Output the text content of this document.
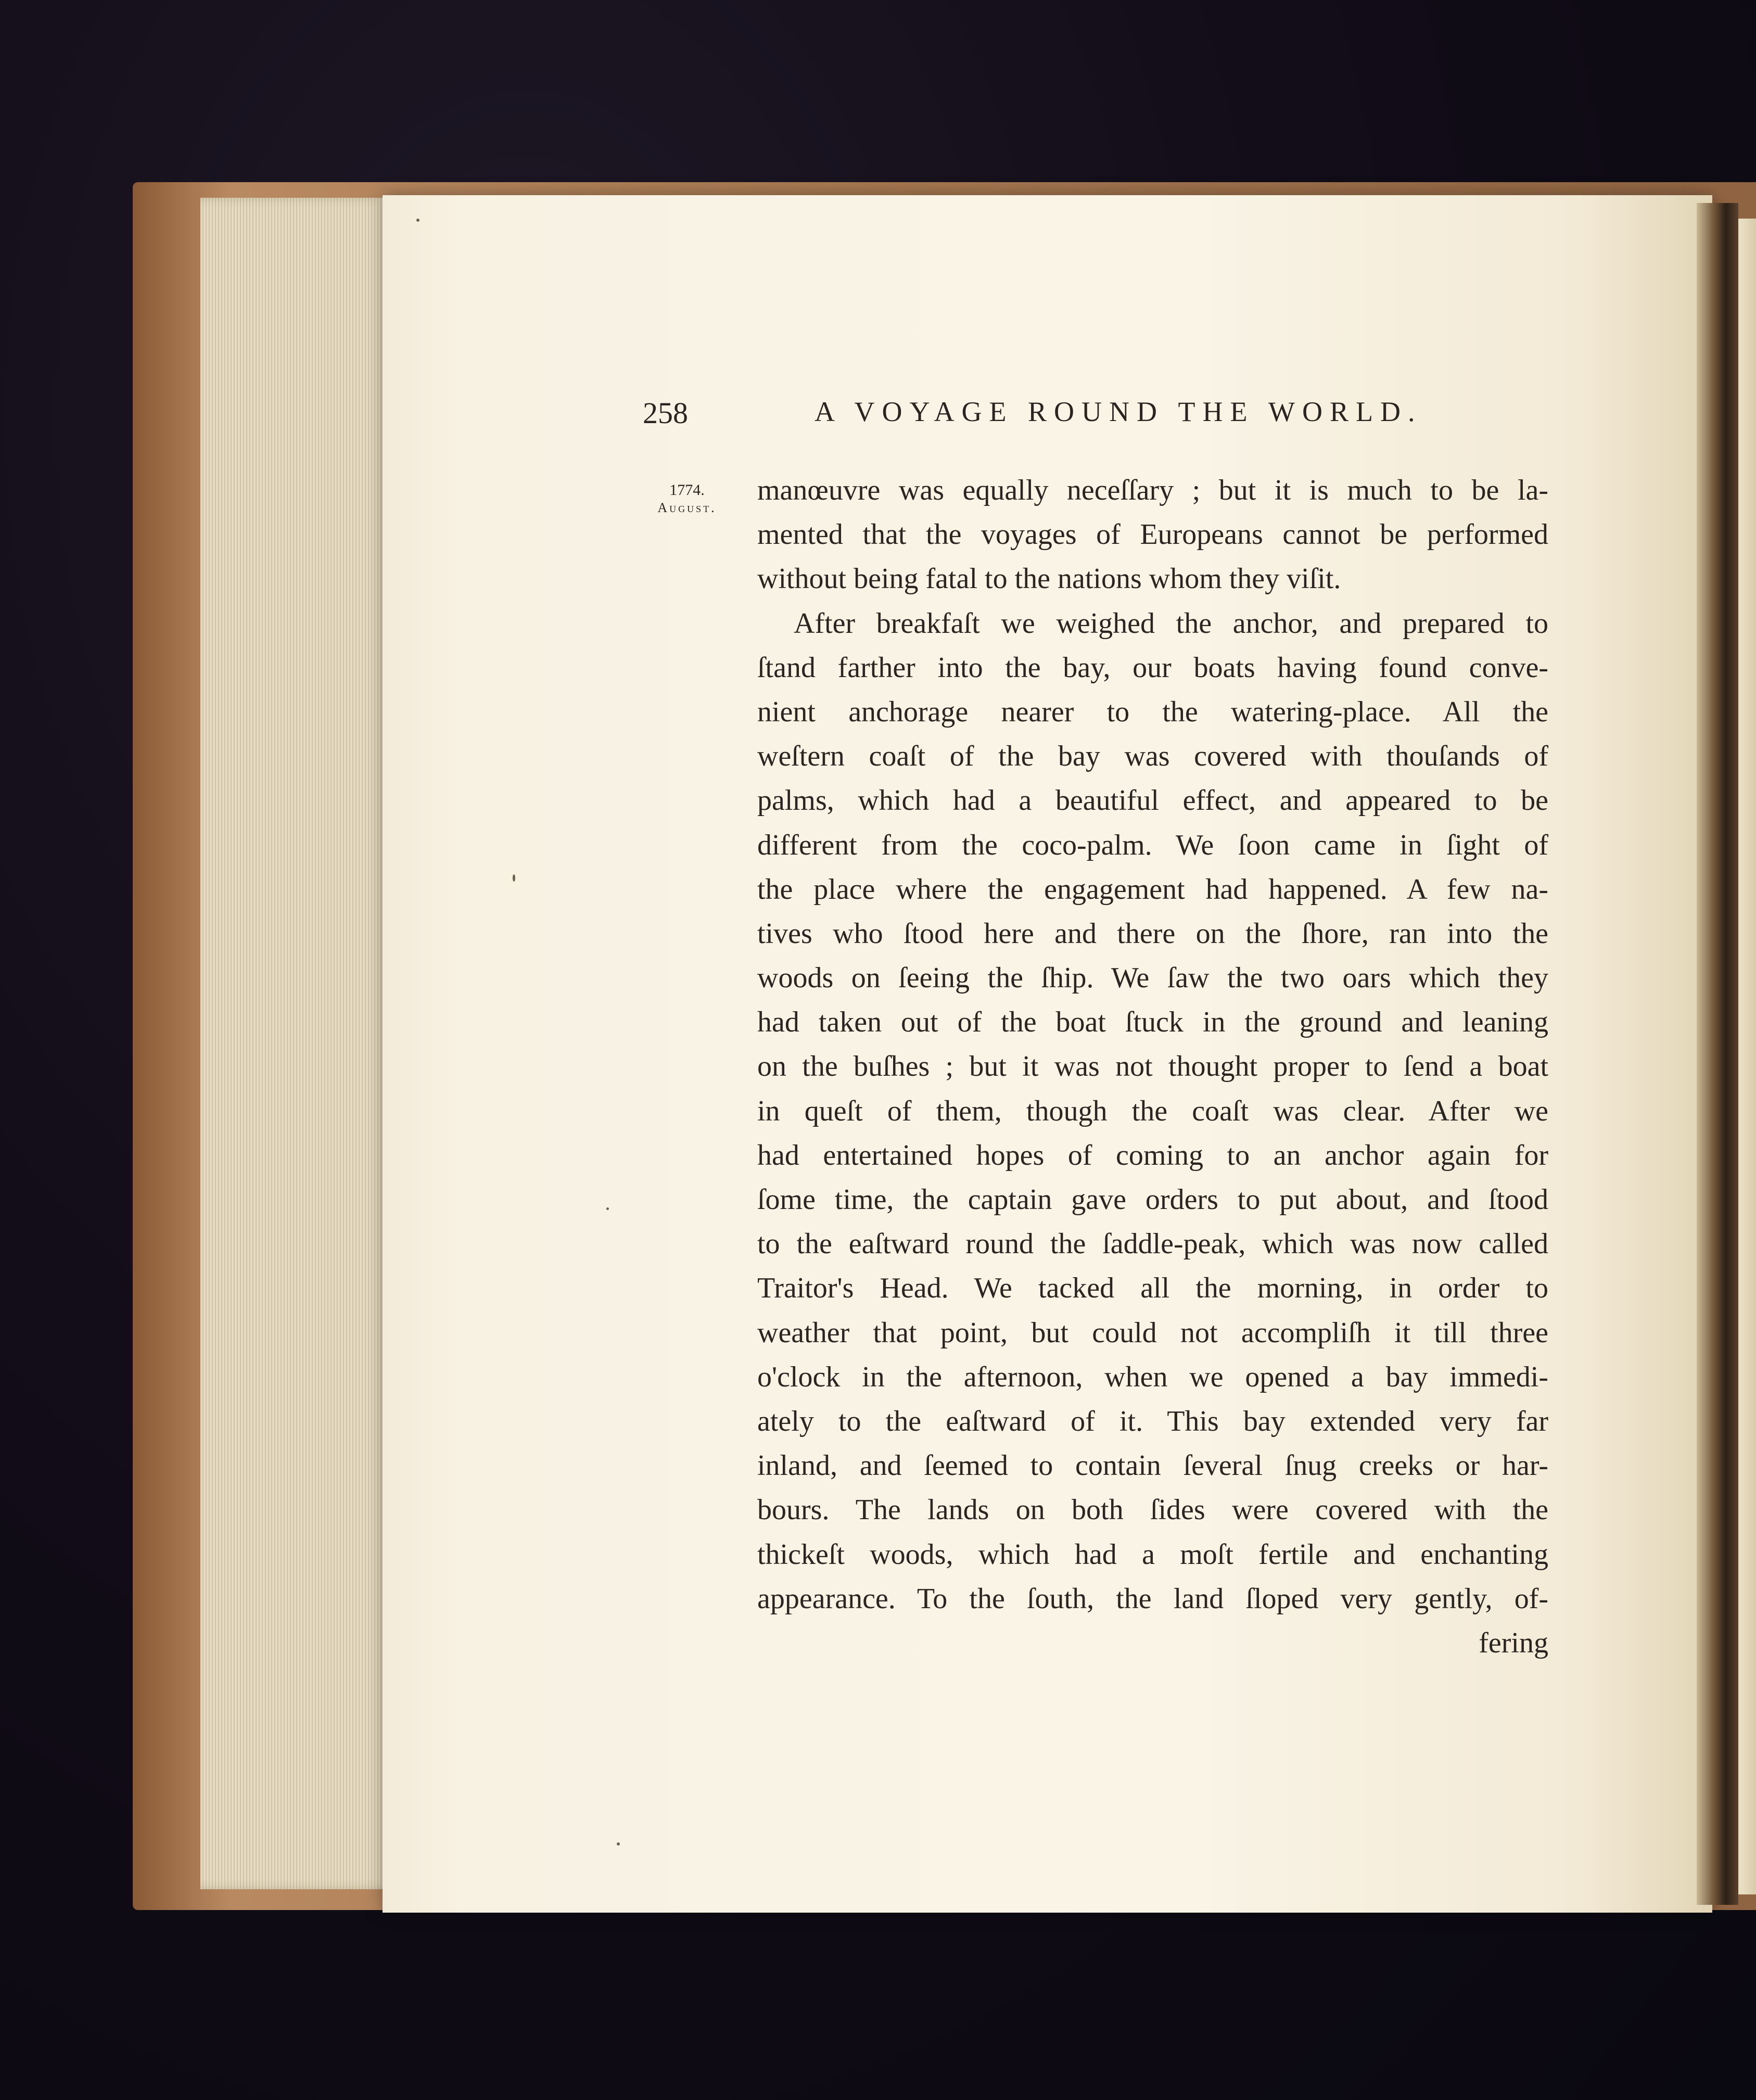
258	A VOYAGE ROUND THE WORLD.
1774.
August.
manœuvre was equally neceſſary ; but it is much to be la-
mented that the voyages of Europeans cannot be performed
without being fatal to the nations whom they viſit.
After breakfaſt we weighed the anchor, and prepared to
ſtand farther into the bay, our boats having found conve-
nient anchorage nearer to the watering-place. All the
weſtern coaſt of the bay was covered with thouſands of
palms, which had a beautiful effect, and appeared to be
different from the coco-palm. We ſoon came in ſight of
the place where the engagement had happened. A few na-
tives who ſtood here and there on the ſhore, ran into the
woods on ſeeing the ſhip. We ſaw the two oars which they
had taken out of the boat ſtuck in the ground and leaning
on the buſhes ; but it was not thought proper to ſend a boat
in queſt of them, though the coaſt was clear. After we
had entertained hopes of coming to an anchor again for
ſome time, the captain gave orders to put about, and ſtood
to the eaſtward round the ſaddle-peak, which was now called
Traitor's Head. We tacked all the morning, in order to
weather that point, but could not accompliſh it till three
o'clock in the afternoon, when we opened a bay immedi-
ately to the eaſtward of it. This bay extended very far
inland, and ſeemed to contain ſeveral ſnug creeks or har-
bours. The lands on both ſides were covered with the
thickeſt woods, which had a moſt fertile and enchanting
appearance. To the ſouth, the land ſloped very gently, of-
fering
